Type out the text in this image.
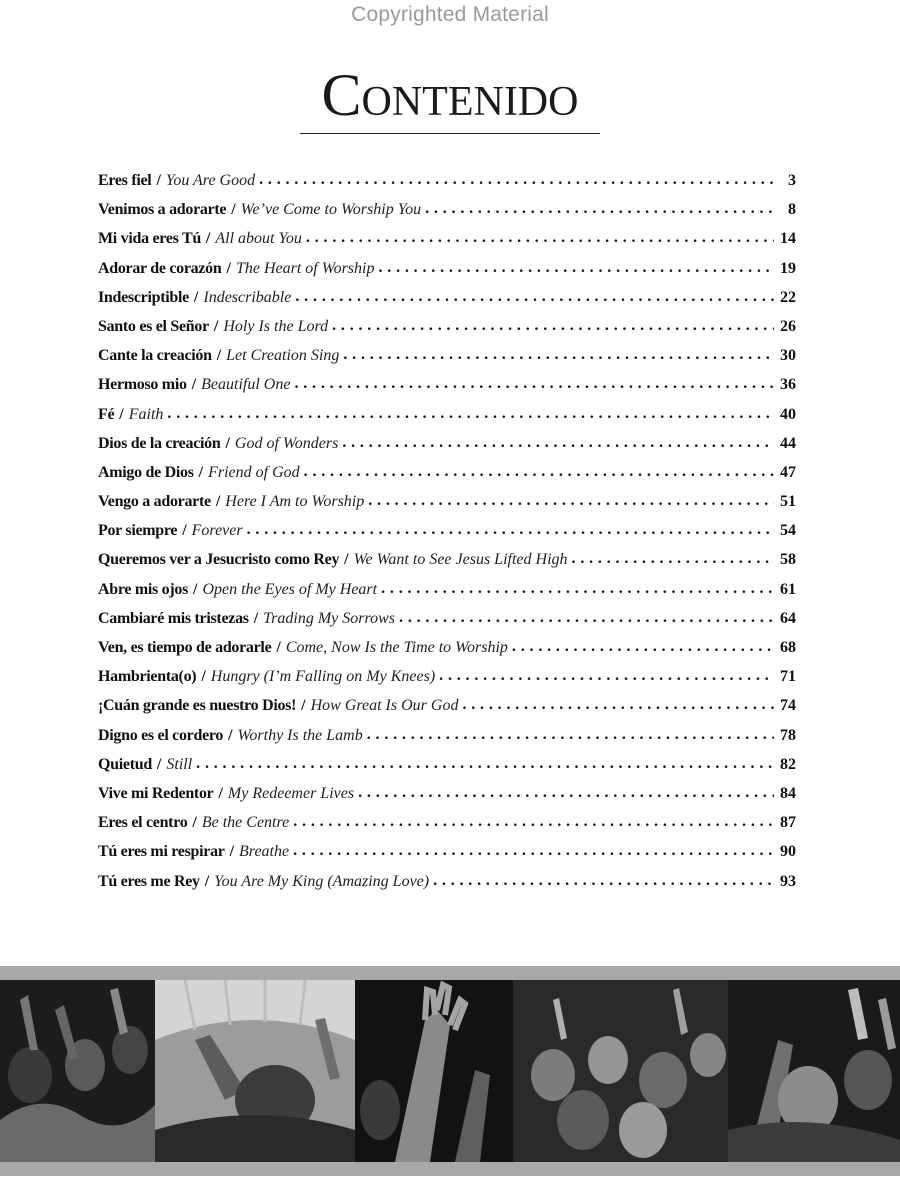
Copyrighted Material
Contenido
Eres fiel / You Are Good . . .	3
Venimos a adorarte / We’ve Come to Worship You . . .	8
Mi vida eres Tú / All about You . . .	14
Adorar de corazón / The Heart of Worship . . .	19
Indescriptible / Indescribable . . .	22
Santo es el Señor / Holy Is the Lord . . .	26
Cante la creación / Let Creation Sing . . .	30
Hermoso mio / Beautiful One . . .	36
Fé / Faith . . .	40
Dios de la creación / God of Wonders . . .	44
Amigo de Dios / Friend of God . . .	47
Vengo a adorarte / Here I Am to Worship . . .	51
Por siempre / Forever . . .	54
Queremos ver a Jesucristo como Rey / We Want to See Jesus Lifted High . . .	58
Abre mis ojos / Open the Eyes of My Heart . . .	61
Cambiaré mis tristezas / Trading My Sorrows . . .	64
Ven, es tiempo de adorarle / Come, Now Is the Time to Worship . . .	68
Hambrienta(o) / Hungry (I’m Falling on My Knees) . . .	71
¡Cuán grande es nuestro Dios! / How Great Is Our God . . .	74
Digno es el cordero / Worthy Is the Lamb . . .	78
Quietud / Still . . .	82
Vive mi Redentor / My Redeemer Lives . . .	84
Eres el centro / Be the Centre . . .	87
Tú eres mi respirar / Breathe . . .	90
Tú eres me Rey / You Are My King (Amazing Love) . . .	93
